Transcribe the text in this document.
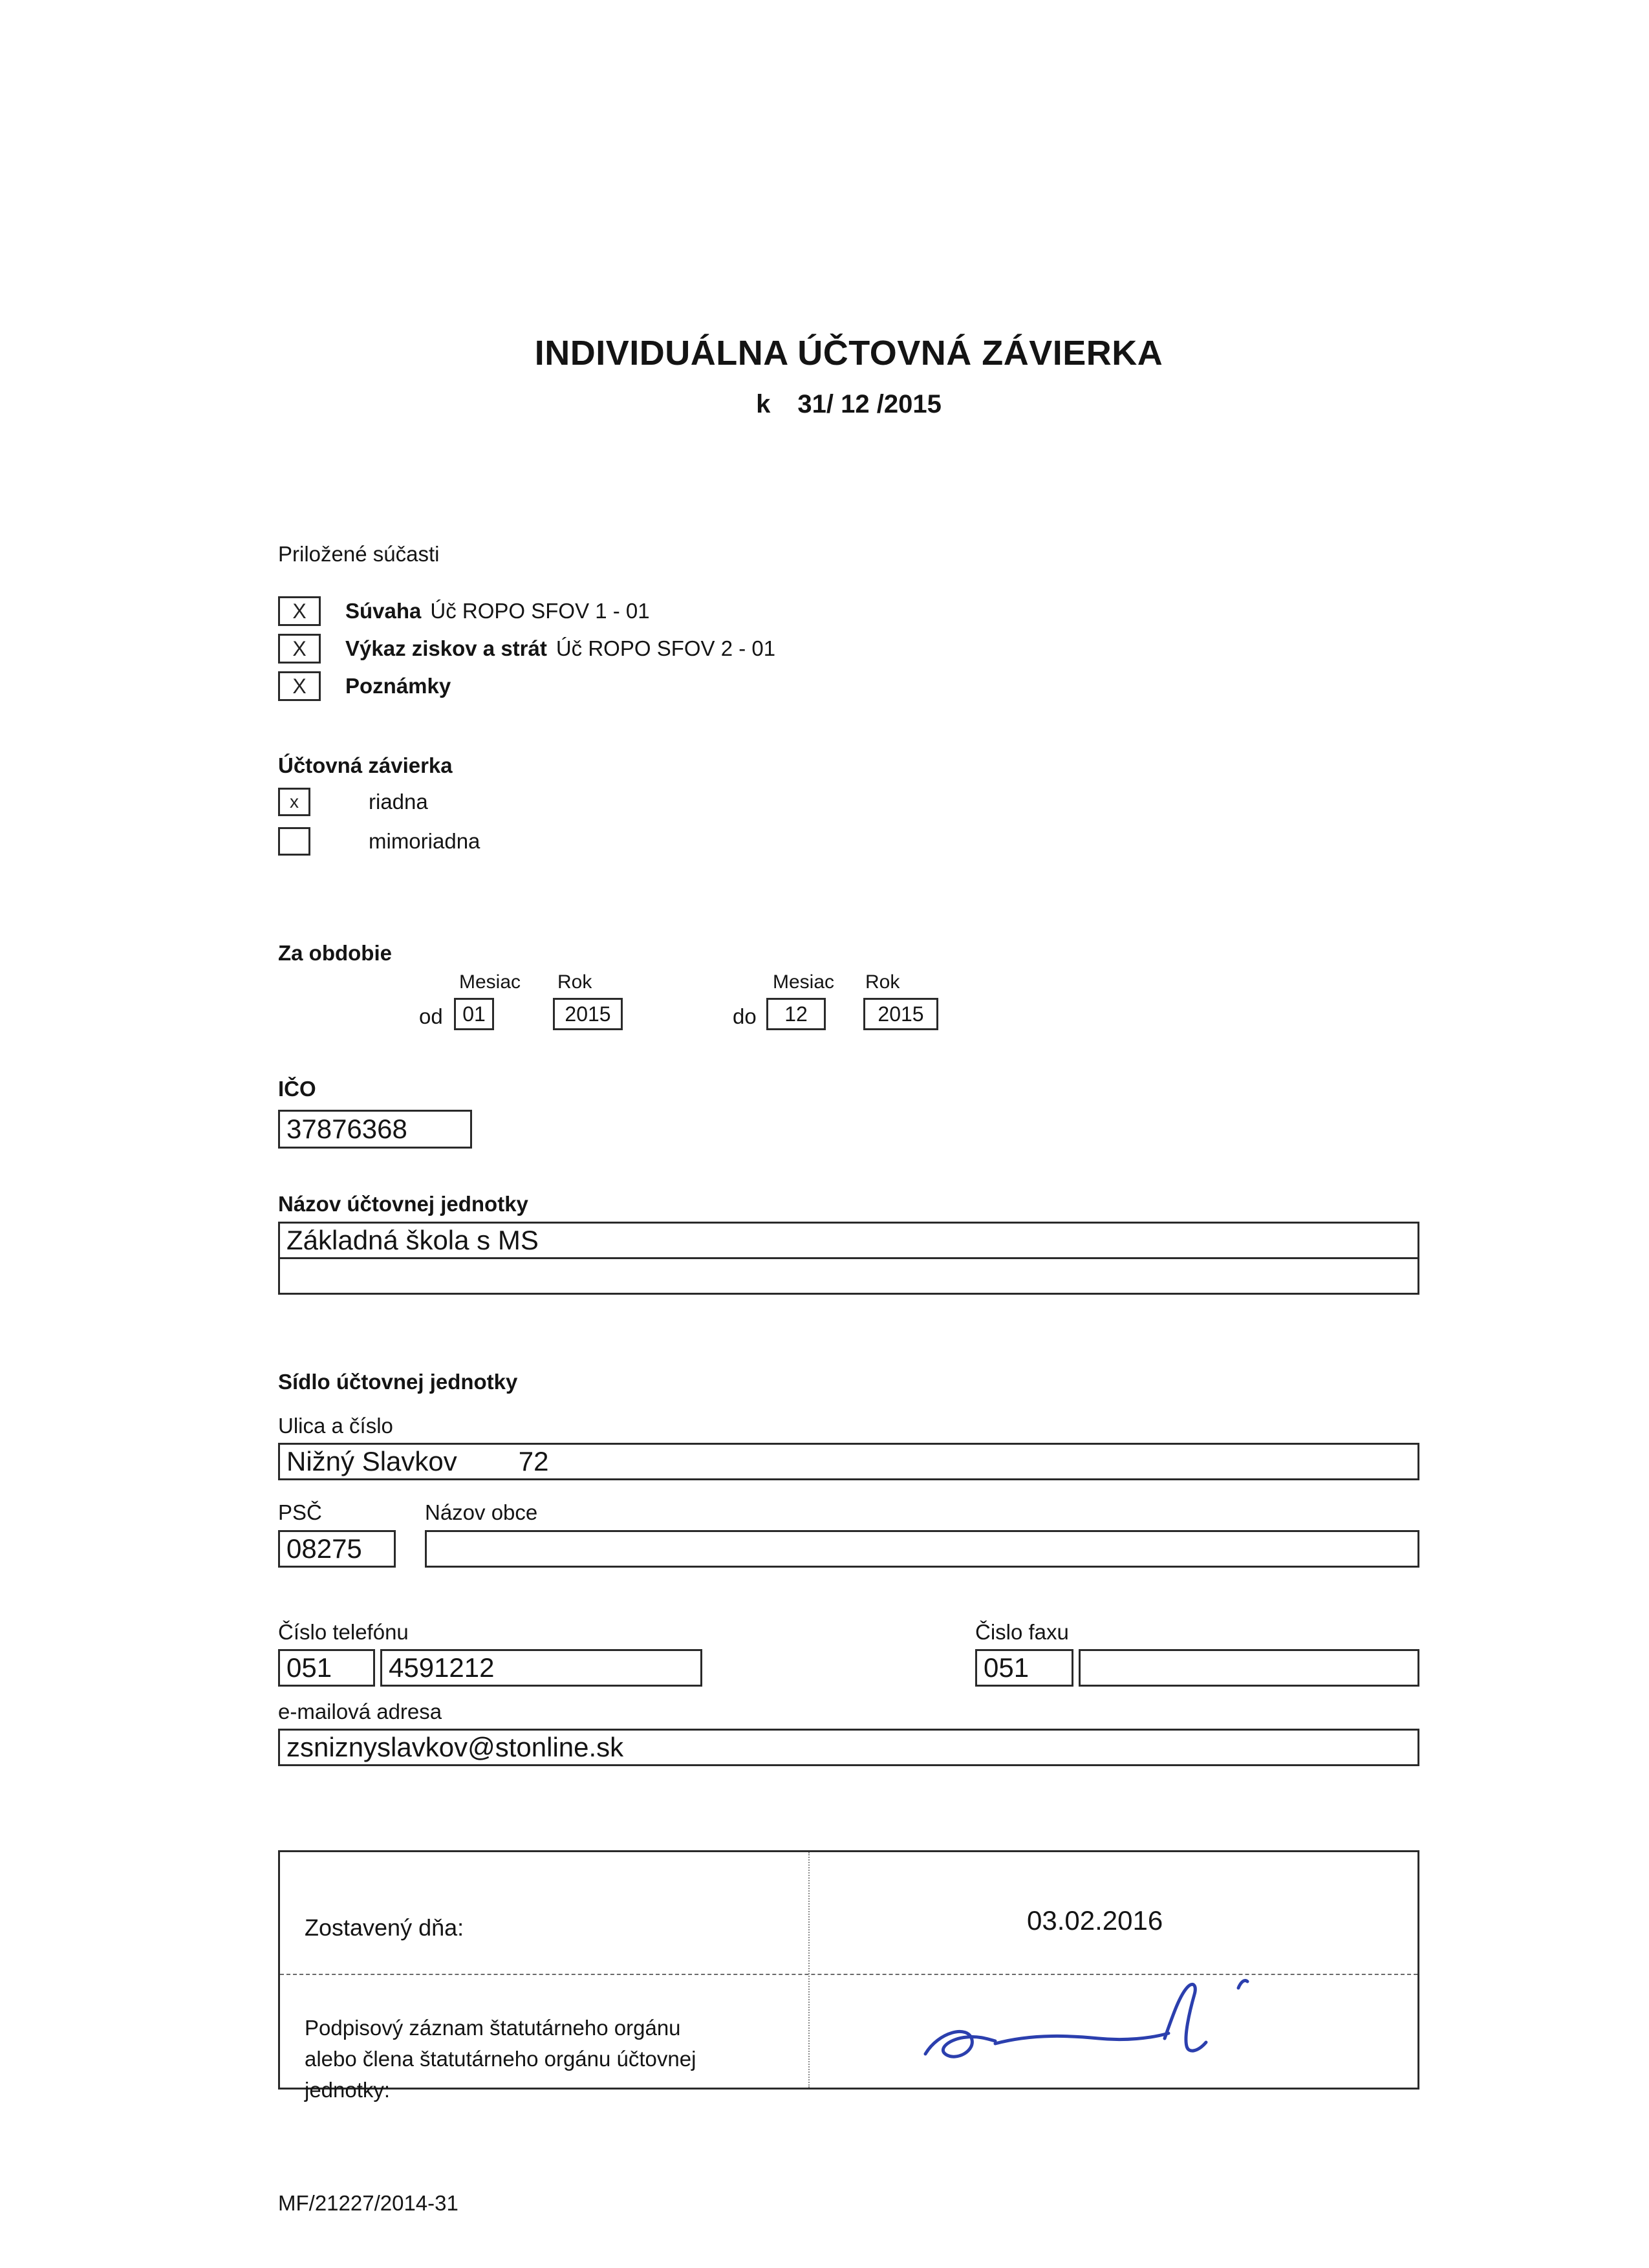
INDIVIDUÁLNA ÚČTOVNÁ ZÁVIERKA
k 31/ 12 /2015
Priložené súčasti
X	Súvaha Úč ROPO SFOV 1 - 01
X	Výkaz ziskov a strát Úč ROPO SFOV 2 - 01
X	Poznámky
Účtovná závierka
x	riadna
mimoriadna
Za obdobie
Mesiac Rok	Mesiac Rok
od 01	2015	do	12	2015
IČO
37876368
Názov účtovnej jednotky
Základná škola s MS
Sídlo účtovnej jednotky
Ulica a číslo
Nižný Slavkov 72
PSČ	Názov obce
08275
Číslo telefónu	Čislo faxu
051	4591212	051
e-mailová adresa
zsniznyslavkov@stonline.sk
Zostavený dňa:	03.02.2016
Podpisový záznam štatutárneho orgánu
alebo člena štatutárneho orgánu účtovnej jednotky:
MF/21227/2014-31
